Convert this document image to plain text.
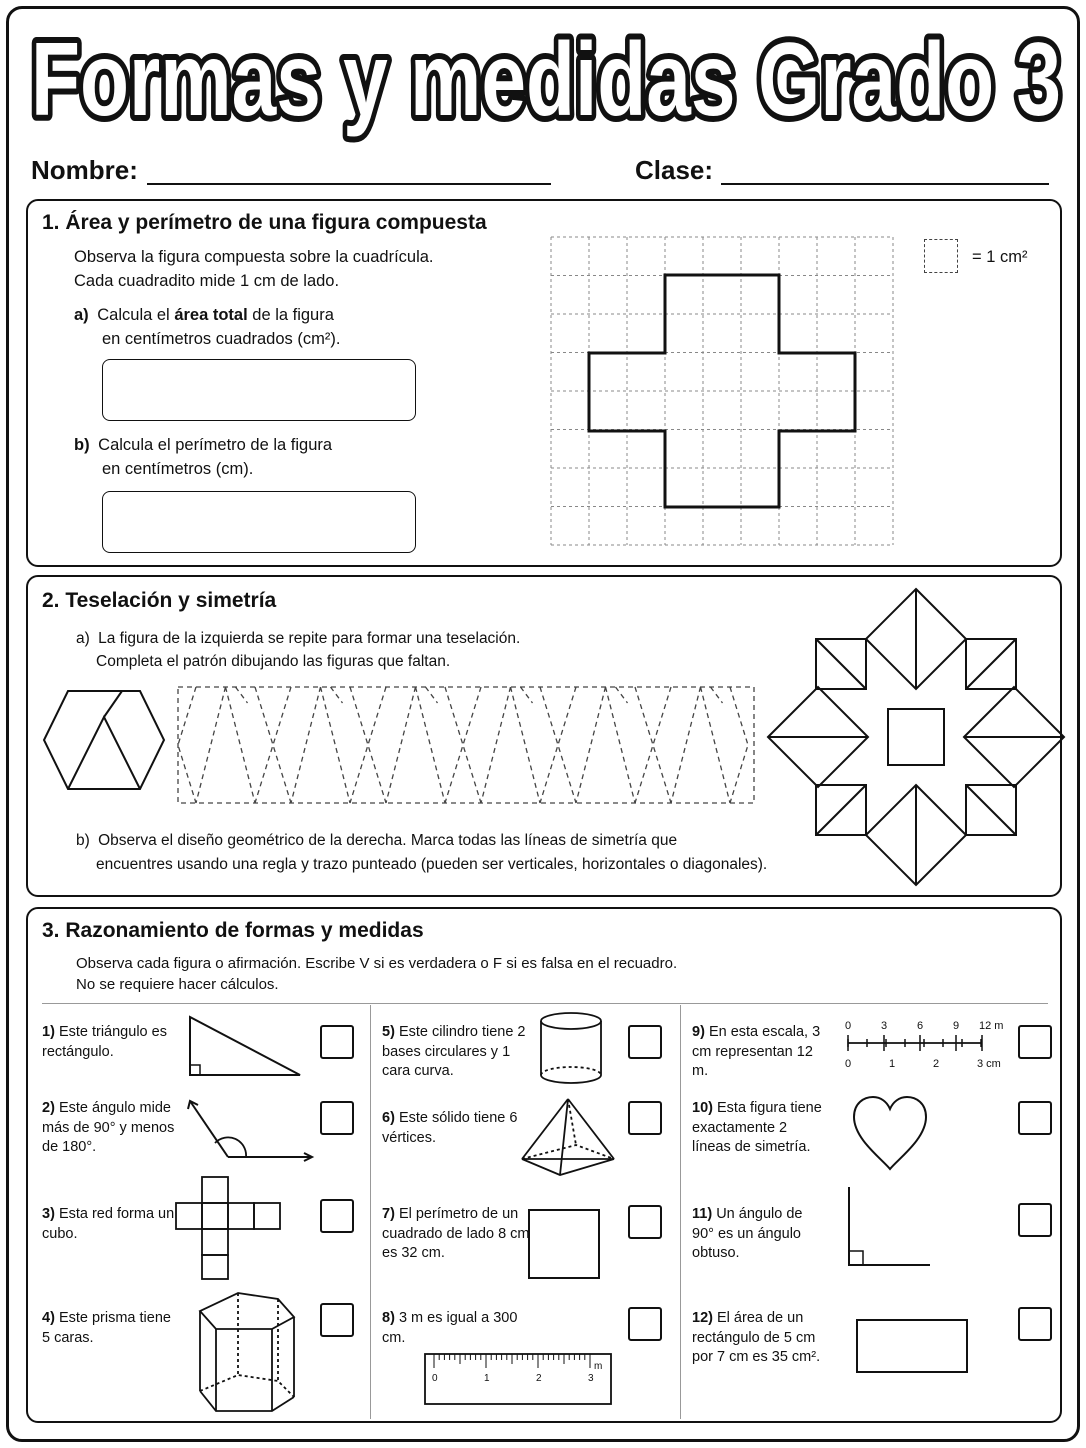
Formas y medidas Grado 3
Formas y medidas Grado 3
Nombre:	Clase:
1. Área y perímetro de una figura compuesta
Observa la figura compuesta sobre la cuadrícula.
Cada cuadradito mide 1 cm de lado.
a) Calcula el área total de la figura
en centímetros cuadrados (cm²).
b) Calcula el perímetro de la figura
en centímetros (cm).
= 1 cm²
2. Teselación y simetría
a) La figura de la izquierda se repite para formar una teselación.
Completa el patrón dibujando las figuras que faltan.
b) Observa el diseño geométrico de la derecha. Marca todas las líneas de simetría que
encuentres usando una regla y trazo punteado (pueden ser verticales, horizontales o diagonales).
3. Razonamiento de formas y medidas
Observa cada figura o afirmación. Escribe V si es verdadera o F si es falsa en el recuadro.
No se requiere hacer cálculos.
1) Este triángulo es rectángulo.
2) Este ángulo mide más de 90° y menos de 180°.
3) Esta red forma un cubo.
4) Este prisma tiene 5 caras.
5) Este cilindro tiene 2 bases circulares y 1 cara curva.
6) Este sólido tiene 6 vértices.
7) El perímetro de un cuadrado de lado 8 cm es 32 cm.
8) 3 m es igual a 300 cm.
0	1	2	3
m
9) En esta escala, 3 cm representan 12 m.
0	3	6	9 12 m
0	1	2	3 cm
10) Esta figura tiene exactamente 2 líneas de simetría.
11) Un ángulo de 90° es un ángulo obtuso.
12) El área de un rectángulo de 5 cm por 7 cm es 35 cm².
